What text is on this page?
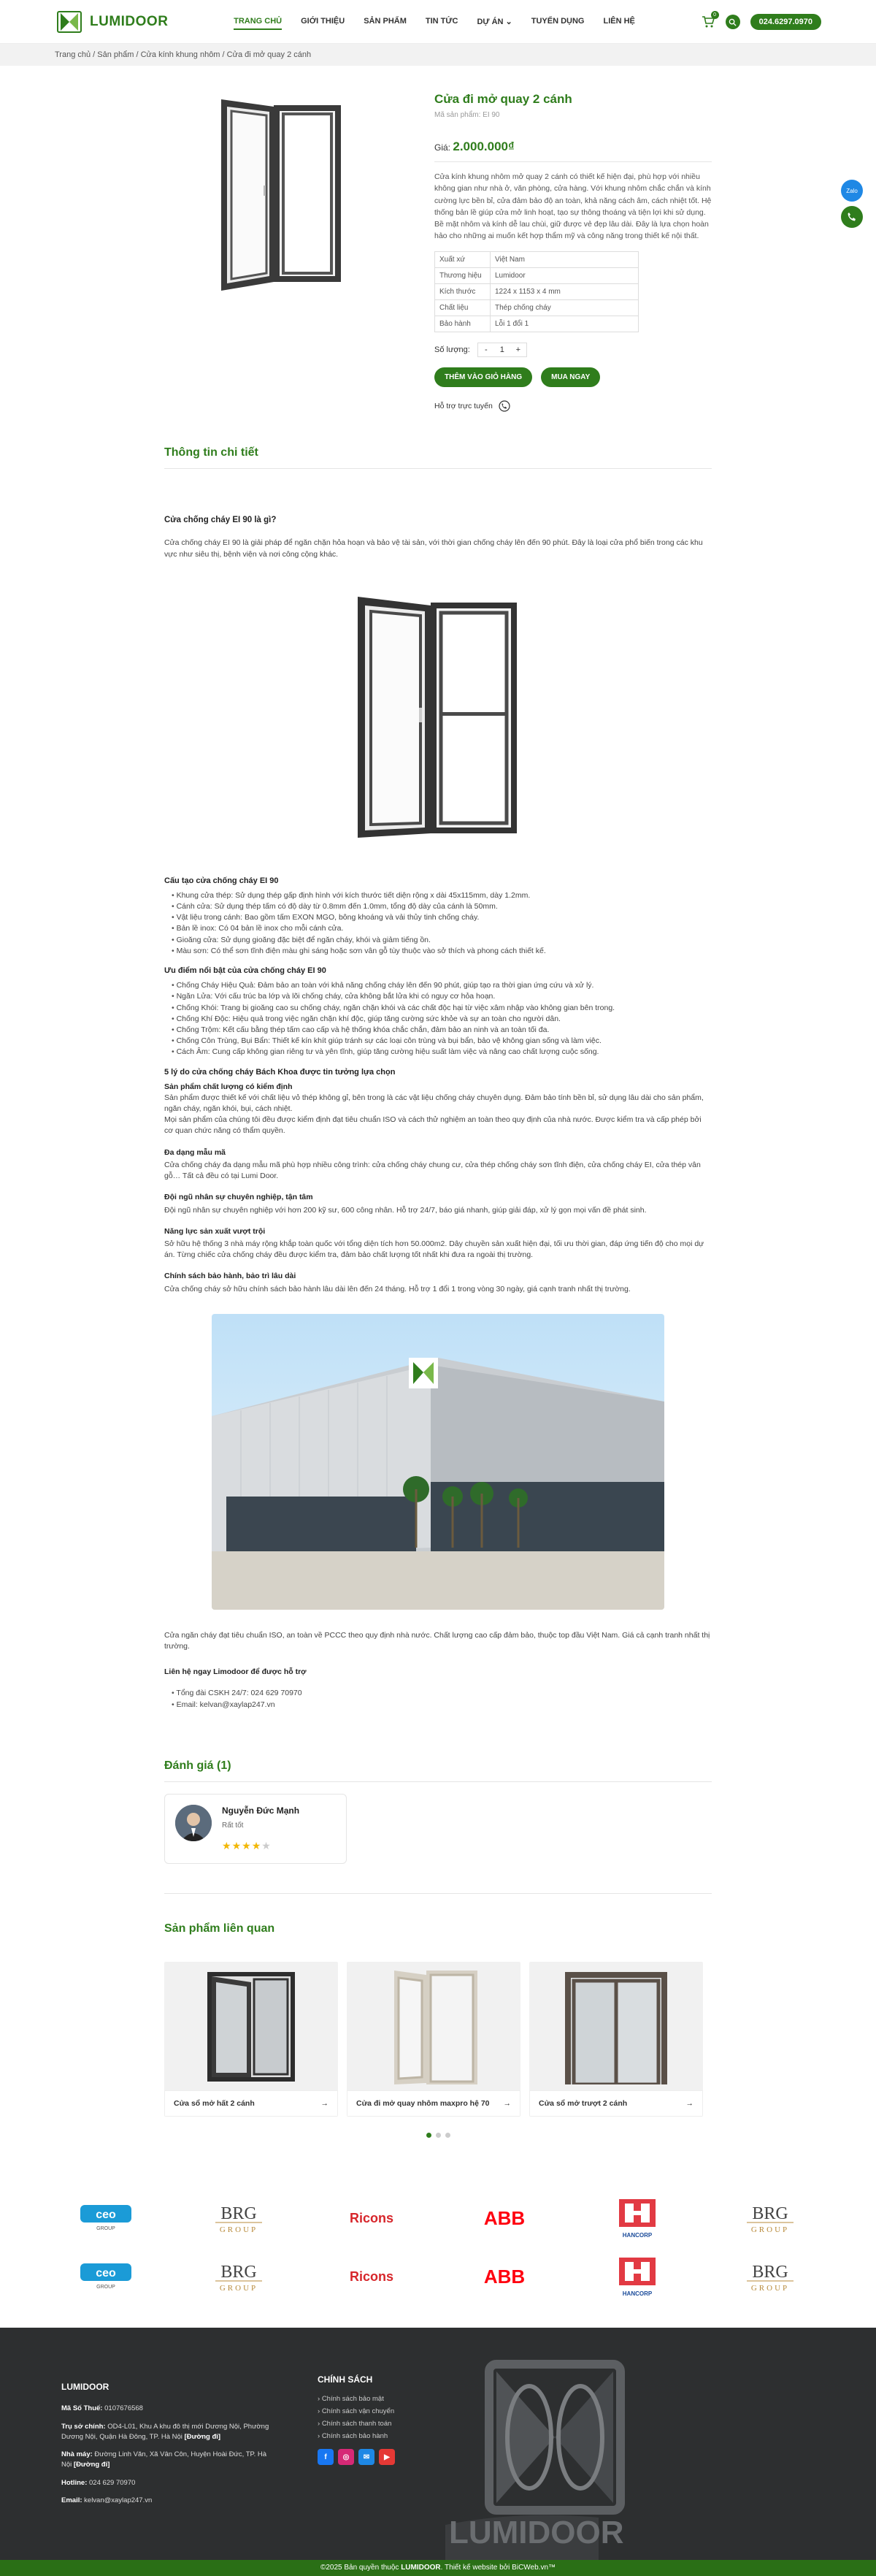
LUMIDOOR	TRANG CHỦ GIỚI THIỆU SẢN PHẨM TIN TỨC DỰ ÁN ⌄ TUYỂN DỤNG LIÊN HỆ
0
024.6297.0970
Trang chủ / Sản phẩm / Cửa kính khung nhôm / Cửa đi mở quay 2 cánh
Zalo
Cửa đi mở quay 2 cánh
Mã sản phẩm: EI 90
Giá: 2.000.000₫

Cửa kính khung nhôm mở quay 2 cánh có thiết kế hiện đại, phù hợp với nhiều không gian như nhà ở, văn phòng, cửa hàng. Với khung nhôm chắc chắn và kính cường lực bền bỉ, cửa đảm bảo độ an toàn, khả năng cách âm, cách nhiệt tốt. Hệ thống bản lề giúp cửa mở linh hoạt, tạo sự thông thoáng và tiện lợi khi sử dụng. Bề mặt nhôm và kính dễ lau chùi, giữ được vẻ đẹp lâu dài. Đây là lựa chọn hoàn hảo cho những ai muốn kết hợp thẩm mỹ và công năng trong thiết kế nội thất.

Xuất xứ	Việt Nam
Thương hiệu	Lumidoor
Kích thước	1224 x 1153 x 4 mm
Chất liệu	Thép chống cháy
Bảo hành	Lỗi 1 đổi 1
Số lượng:	-	1	+
THÊM VÀO GIỎ HÀNG	MUA NGAY
Hỗ trợ trực tuyến
Thông tin chi tiết
Cửa chống cháy EI 90 là gì?

Cửa chống cháy EI 90 là giải pháp để ngăn chặn hỏa hoạn và bảo vệ tài sản, với thời gian chống cháy lên đến 90 phút. Đây là loại cửa phổ biến trong các khu vực như siêu thị, bệnh viện và nơi công cộng khác.

Cấu tạo cửa chống cháy EI 90
• Khung cửa thép: Sử dụng thép gấp định hình với kích thước tiết diện rộng x dài 45x115mm, dày 1.2mm.
• Cánh cửa: Sử dụng thép tấm có độ dày từ 0.8mm đến 1.0mm, tổng độ dày của cánh là 50mm.
• Vật liệu trong cánh: Bao gồm tấm EXON MGO, bông khoáng và vải thủy tinh chống cháy.
• Bản lề inox: Có 04 bản lề inox cho mỗi cánh cửa.
• Gioăng cửa: Sử dụng gioăng đặc biệt để ngăn cháy, khói và giảm tiếng ồn.
• Màu sơn: Có thể sơn tĩnh điện màu ghi sáng hoặc sơn vân gỗ tùy thuộc vào sở thích và phong cách thiết kế.
Ưu điểm nổi bật của cửa chống cháy EI 90
• Chống Cháy Hiệu Quả: Đảm bảo an toàn với khả năng chống cháy lên đến 90 phút, giúp tạo ra thời gian ứng cứu và xử lý.
• Ngăn Lửa: Với cấu trúc ba lớp và lõi chống cháy, cửa không bắt lửa khi có nguy cơ hỏa hoạn.
• Chống Khói: Trang bị gioăng cao su chống cháy, ngăn chặn khói và các chất độc hại từ việc xâm nhập vào không gian bên trong.
• Chống Khí Độc: Hiệu quả trong việc ngăn chặn khí độc, giúp tăng cường sức khỏe và sự an toàn cho người dân.
• Chống Trộm: Kết cấu bằng thép tấm cao cấp và hệ thống khóa chắc chắn, đảm bảo an ninh và an toàn tối đa.
• Chống Côn Trùng, Bụi Bẩn: Thiết kế kín khít giúp tránh sự các loại côn trùng và bụi bẩn, bảo vệ không gian sống và làm việc.
• Cách Âm: Cung cấp không gian riêng tư và yên tĩnh, giúp tăng cường hiệu suất làm việc và nâng cao chất lượng cuộc sống.
5 lý do cửa chống cháy Bách Khoa được tin tưởng lựa chọn

Sản phẩm chất lượng có kiểm định

Sản phẩm được thiết kế với chất liệu vỏ thép không gỉ, bên trong là các vật liệu chống cháy chuyên dụng. Đảm bảo tính bền bỉ, sử dụng lâu dài cho sản phẩm, ngăn cháy, ngăn khói, bụi, cách nhiệt.

Mọi sản phẩm của chúng tôi đều được kiểm định đạt tiêu chuẩn ISO và cách thử nghiệm an toàn theo quy định của nhà nước. Được kiểm tra và cấp phép bởi cơ quan chức năng có thẩm quyền.

Đa dạng mẫu mã

Cửa chống cháy đa dạng mẫu mã phù hợp nhiều công trình: cửa chống cháy chung cư, cửa thép chống cháy sơn tĩnh điện, cửa chống cháy EI, cửa thép vân gỗ… Tất cả đều có tại Lumi Door.

Đội ngũ nhân sự chuyên nghiệp, tận tâm

Đội ngũ nhân sự chuyên nghiệp với hơn 200 kỹ sư, 600 công nhân. Hỗ trợ 24/7, báo giá nhanh, giúp giải đáp, xử lý gọn mọi vấn đề phát sinh.

Năng lực sản xuất vượt trội

Sở hữu hệ thống 3 nhà máy rộng khắp toàn quốc với tổng diện tích hơn 50.000m2. Dây chuyền sản xuất hiện đại, tối ưu thời gian, đáp ứng tiến độ cho mọi dự án. Từng chiếc cửa chống cháy đều được kiểm tra, đảm bảo chất lượng tốt nhất khi đưa ra ngoài thị trường.

Chính sách bảo hành, bảo trì lâu dài

Cửa chống cháy sở hữu chính sách bảo hành lâu dài lên đến 24 tháng. Hỗ trợ 1 đổi 1 trong vòng 30 ngày, giá cạnh tranh nhất thị trường.

Cửa ngăn cháy đạt tiêu chuẩn ISO, an toàn về PCCC theo quy định nhà nước. Chất lượng cao cấp đảm bảo, thuộc top đầu Việt Nam. Giá cả cạnh tranh nhất thị trường.

Liên hệ ngay Limodoor để được hỗ trợ
• Tổng đài CSKH 24/7: 024 629 70970
• Email: kelvan@xaylap247.vn
Đánh giá (1)
Nguyễn Đức Mạnh
Rất tốt
★★★★★
Sản phẩm liên quan
Cửa sổ mở hất 2 cánh	→	Cửa đi mở quay nhôm maxpro hệ 70 →	Cửa sổ mở trượt 2 cánh	→
ceo
GROUP
BRG
GROUP
Ricons	ABB
HANCORP
BRG
GROUP
ceo
GROUP
BRG
GROUP
Ricons	ABB
HANCORP
BRG
GROUP
LUMIDOOR
LUMIDOOR
Mã Số Thuế: 0107676568
Trụ sở chính: OD4-L01, Khu A khu đô thị mới Dương Nội, Phường Dương Nội, Quận Hà Đông, TP. Hà Nội [Đường đi]
Nhà máy: Đường Linh Văn, Xã Vân Côn, Huyện Hoài Đức, TP. Hà Nội [Đường đi]
Hotline: 024 629 70970
Email: kelvan@xaylap247.vn
CHÍNH SÁCH
› Chính sách bảo mật
› Chính sách vận chuyển
› Chính sách thanh toán
› Chính sách bảo hành
f	◎	✉	▶
©2025 Bản quyền thuộc LUMIDOOR. Thiết kế website bởi BiCWeb.vn™
